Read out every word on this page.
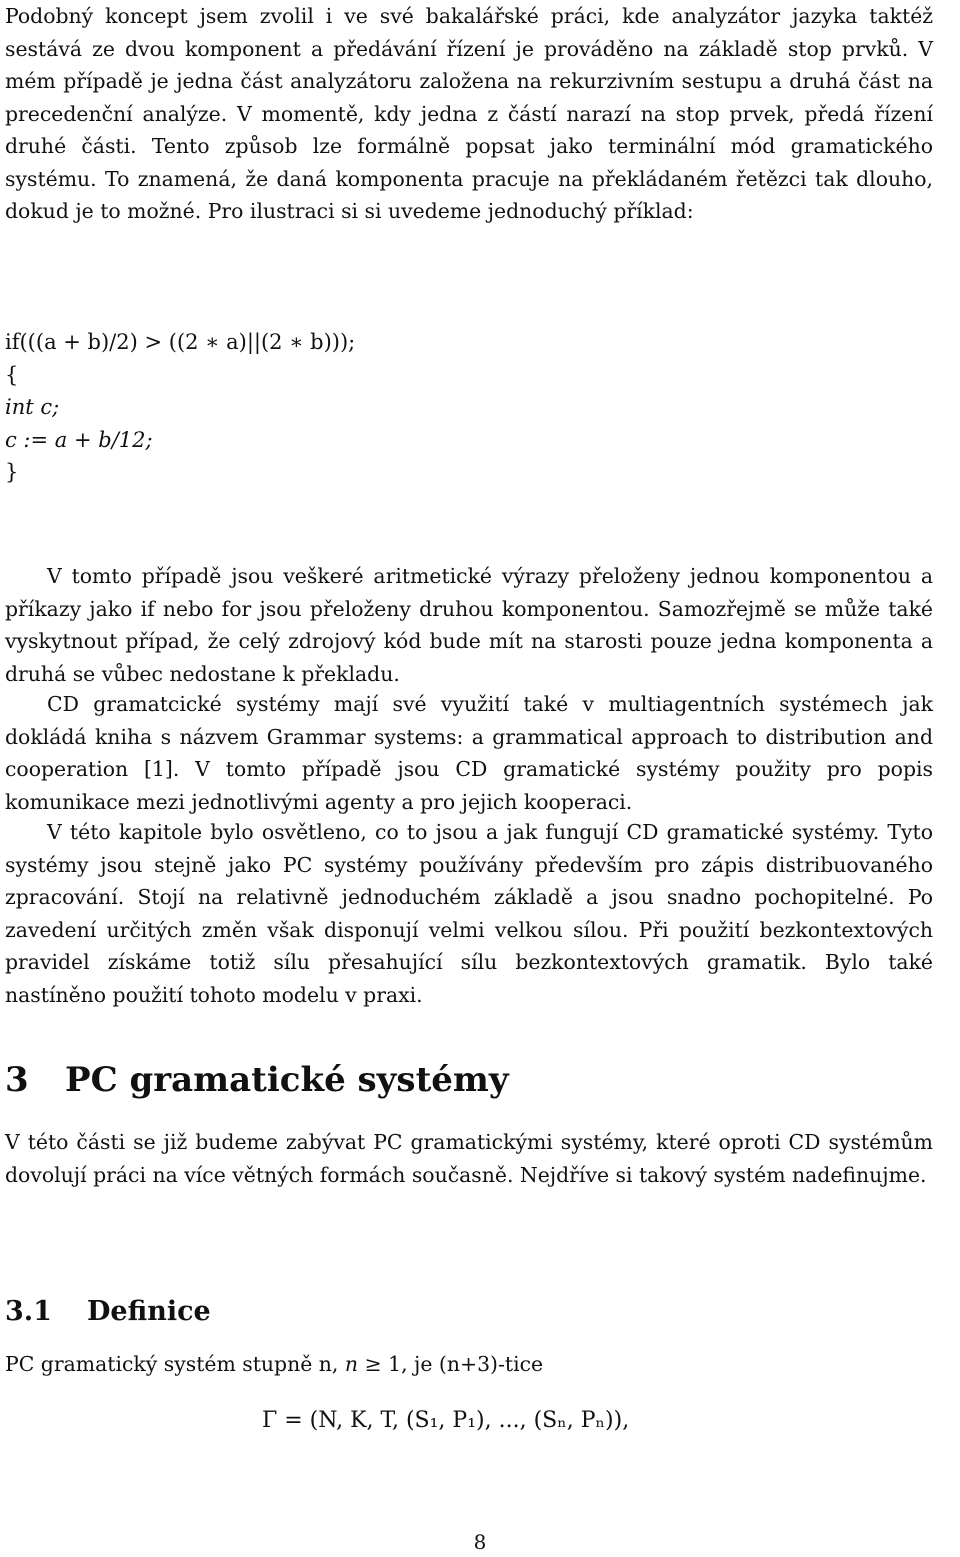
Podobný koncept jsem zvolil i ve své bakalářské práci, kde analyzátor jazyka taktéž sestává ze dvou komponent a předávání řízení je prováděno na základě stop prvků. V mém případě je jedna část analyzátoru založena na rekurzivním sestupu a druhá část na precedenční analýze. V momentě, kdy jedna z částí narazí na stop prvek, předá řízení druhé části. Tento způsob lze formálně popsat jako terminální mód gramatického systému. To znamená, že daná komponenta pracuje na překládaném řetězci tak dlouho, dokud je to možné. Pro ilustraci si si uvedeme jednoduchý příklad:

if(((a + b)/2) > ((2 ∗ a)||(2 ∗ b)));
{
int c;
c := a + b/12;
}

V tomto případě jsou veškeré aritmetické výrazy přeloženy jednou komponentou a příkazy jako if nebo for jsou přeloženy druhou komponentou. Samozřejmě se může také vyskytnout případ, že celý zdrojový kód bude mít na starosti pouze jedna komponenta a druhá se vůbec nedostane k překladu.

CD gramatcické systémy mají své využití také v multiagentních systémech jak dokládá kniha s názvem Grammar systems: a grammatical approach to distribution and cooperation [1]. V tomto případě jsou CD gramatické systémy použity pro popis komunikace mezi jednotlivými agenty a pro jejich kooperaci.

V této kapitole bylo osvětleno, co to jsou a jak fungují CD gramatické systémy. Tyto systémy jsou stejně jako PC systémy používány především pro zápis distribuovaného zpracování. Stojí na relativně jednoduchém základě a jsou snadno pochopitelné. Po zavedení určitých změn však disponují velmi velkou sílou. Při použití bezkontextových pravidel získáme totiž sílu přesahující sílu bezkontextových gramatik. Bylo také nastíněno použití tohoto modelu v praxi.

3 PC gramatické systémy

V této části se již budeme zabývat PC gramatickými systémy, které oproti CD systémům dovolují práci na více větných formách současně. Nejdříve si takový systém nadefinujme.

3.1 Definice

PC gramatický systém stupně n, n ≥ 1, je (n+3)-tice

Γ = (N, K, T, (S₁, P₁), ..., (Sₙ, Pₙ)),
8
